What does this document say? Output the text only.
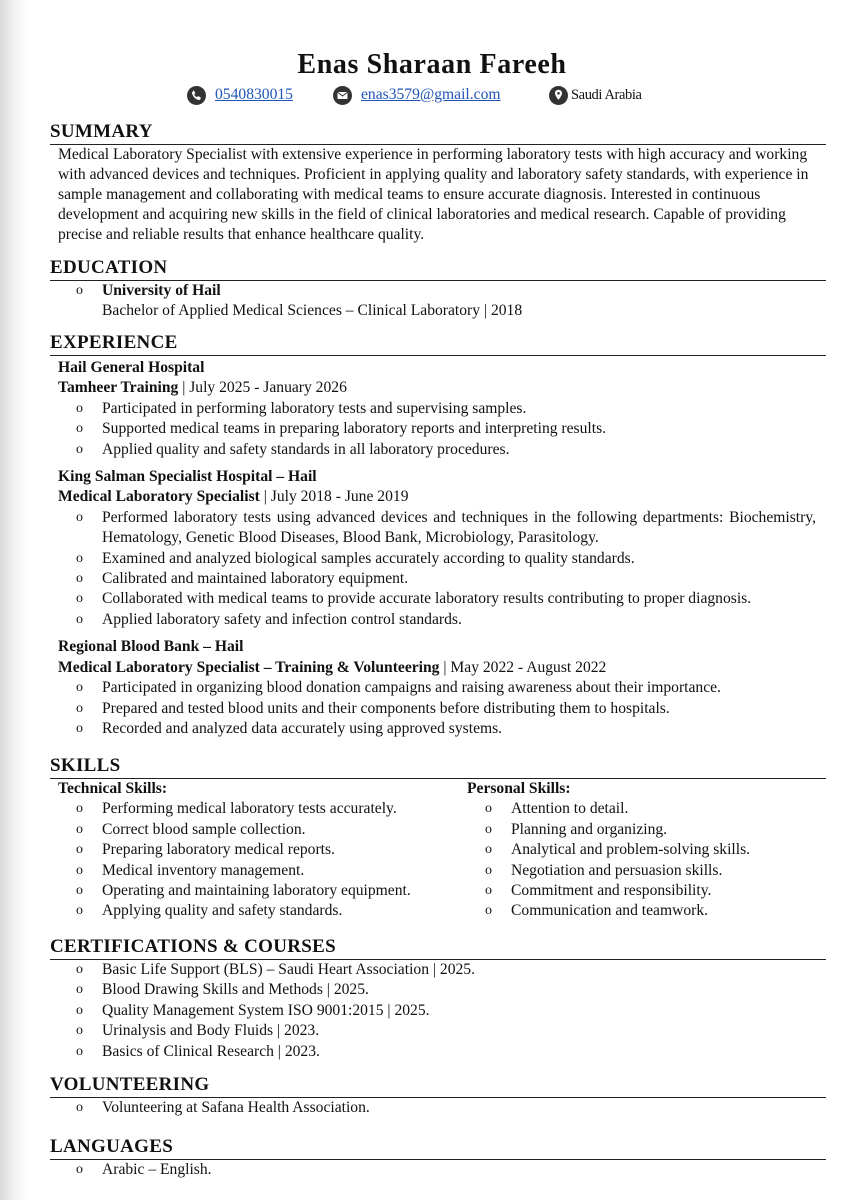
Enas Sharaan Fareeh
0540830015	enas3579@gmail.com	Saudi Arabia
SUMMARY
Medical Laboratory Specialist with extensive experience in performing laboratory tests with high accuracy and working with advanced devices and techniques. Proficient in applying quality and laboratory safety standards, with experience in sample management and collaborating with medical teams to ensure accurate diagnosis. Interested in continuous development and acquiring new skills in the field of clinical laboratories and medical research. Capable of providing precise and reliable results that enhance healthcare quality.
EDUCATION
o University of Hail
Bachelor of Applied Medical Sciences – Clinical Laboratory | 2018
EXPERIENCE
Hail General Hospital
Tamheer Training | July 2025 - January 2026
o Participated in performing laboratory tests and supervising samples.
o Supported medical teams in preparing laboratory reports and interpreting results.
o Applied quality and safety standards in all laboratory procedures.
King Salman Specialist Hospital – Hail
Medical Laboratory Specialist | July 2018 - June 2019
o Performed laboratory tests using advanced devices and techniques in the following departments: Biochemistry, Hematology, Genetic Blood Diseases, Blood Bank, Microbiology, Parasitology.
o Examined and analyzed biological samples accurately according to quality standards.
o Calibrated and maintained laboratory equipment.
o Collaborated with medical teams to provide accurate laboratory results contributing to proper diagnosis.
o Applied laboratory safety and infection control standards.
Regional Blood Bank – Hail
Medical Laboratory Specialist – Training & Volunteering | May 2022 - August 2022
o Participated in organizing blood donation campaigns and raising awareness about their importance.
o Prepared and tested blood units and their components before distributing them to hospitals.
o Recorded and analyzed data accurately using approved systems.
SKILLS
Technical Skills:
o Performing medical laboratory tests accurately.
o Correct blood sample collection.
o Preparing laboratory medical reports.
o Medical inventory management.
o Operating and maintaining laboratory equipment.
o Applying quality and safety standards.
Personal Skills:
o Attention to detail.
o Planning and organizing.
o Analytical and problem-solving skills.
o Negotiation and persuasion skills.
o Commitment and responsibility.
o Communication and teamwork.
CERTIFICATIONS & COURSES
o Basic Life Support (BLS) – Saudi Heart Association | 2025.
o Blood Drawing Skills and Methods | 2025.
o Quality Management System ISO 9001:2015 | 2025.
o Urinalysis and Body Fluids | 2023.
o Basics of Clinical Research | 2023.
VOLUNTEERING
o Volunteering at Safana Health Association.
LANGUAGES
o Arabic – English.
